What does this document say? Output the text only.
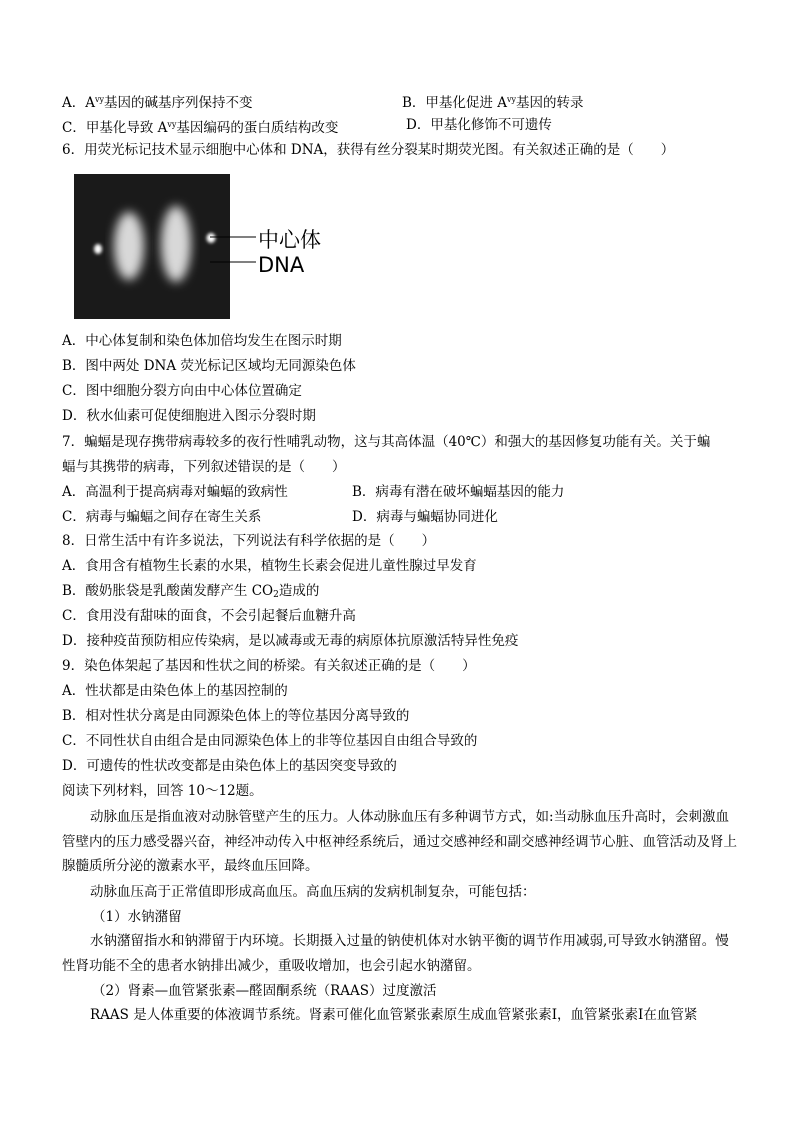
A．$A^{vy}$基因的碱基序列保持不变	B．甲基化促进 $A^{vy}$基因的转录
C．甲基化导致 $A^{vy}$基因编码的蛋白质结构改变	D．甲基化修饰不可遗传
6．用荧光标记技术显示细胞中心体和 DNA，获得有丝分裂某时期荧光图。有关叙述正确的是（　　）
中心体
DNA
A．中心体复制和染色体加倍均发生在图示时期
B．图中两处 DNA 荧光标记区域均无同源染色体
C．图中细胞分裂方向由中心体位置确定
D．秋水仙素可促使细胞进入图示分裂时期
7．蝙蝠是现存携带病毒较多的夜行性哺乳动物，这与其高体温（40℃）和强大的基因修复功能有关。关于蝙
蝠与其携带的病毒，下列叙述错误的是（　　）
A．高温利于提高病毒对蝙蝠的致病性	B．病毒有潜在破坏蝙蝠基因的能力
C．病毒与蝙蝠之间存在寄生关系	D．病毒与蝙蝠协同进化
8．日常生活中有许多说法，下列说法有科学依据的是（　　）
A．食用含有植物生长素的水果，植物生长素会促进儿童性腺过早发育
B．酸奶胀袋是乳酸菌发酵产生 $CO_2$造成的
C．食用没有甜味的面食，不会引起餐后血糖升高
D．接种疫苗预防相应传染病，是以减毒或无毒的病原体抗原激活特异性免疫
9．染色体架起了基因和性状之间的桥梁。有关叙述正确的是（　　）
A．性状都是由染色体上的基因控制的
B．相对性状分离是由同源染色体上的等位基因分离导致的
C．不同性状自由组合是由同源染色体上的非等位基因自由组合导致的
D．可遗传的性状改变都是由染色体上的基因突变导致的
阅读下列材料，回答 10～12题。
动脉血压是指血液对动脉管壁产生的压力。人体动脉血压有多种调节方式，如:当动脉血压升高时，会刺激血管壁内的压力感受器兴奋，神经冲动传入中枢神经系统后，通过交感神经和副交感神经调节心脏、血管活动及肾上腺髓质所分泌的激素水平，最终血压回降。
动脉血压高于正常值即形成高血压。高血压病的发病机制复杂，可能包括：
（1）水钠潴留
水钠潴留指水和钠滞留于内环境。长期摄入过量的钠使机体对水钠平衡的调节作用减弱,可导致水钠潴留。慢性肾功能不全的患者水钠排出减少，重吸收增加，也会引起水钠潴留。
（2）肾素—血管紧张素—醛固酮系统（RAAS）过度激活
RAAS 是人体重要的体液调节系统。肾素可催化血管紧张素原生成血管紧张素Ⅰ，血管紧张素Ⅰ在血管紧
